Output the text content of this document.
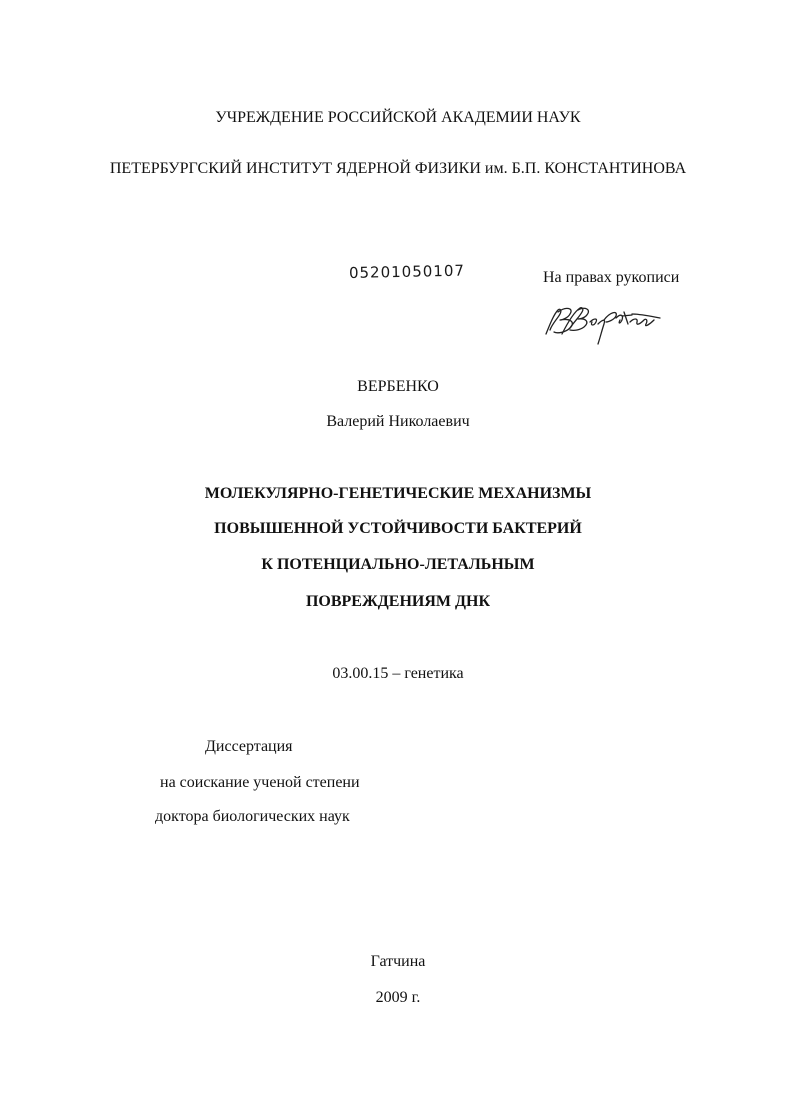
УЧРЕЖДЕНИЕ РОССИЙСКОЙ АКАДЕМИИ НАУК
ПЕТЕРБУРГСКИЙ ИНСТИТУТ ЯДЕРНОЙ ФИЗИКИ им. Б.П. КОНСТАНТИНОВА
05201050107	На правах рукописи
ВЕРБЕНКО
Валерий Николаевич
МОЛЕКУЛЯРНО-ГЕНЕТИЧЕСКИЕ МЕХАНИЗМЫ
ПОВЫШЕННОЙ УСТОЙЧИВОСТИ БАКТЕРИЙ
К ПОТЕНЦИАЛЬНО-ЛЕТАЛЬНЫМ
ПОВРЕЖДЕНИЯМ ДНК
03.00.15 – генетика
Диссертация
на соискание ученой степени
доктора биологических наук
Гатчина
2009 г.
